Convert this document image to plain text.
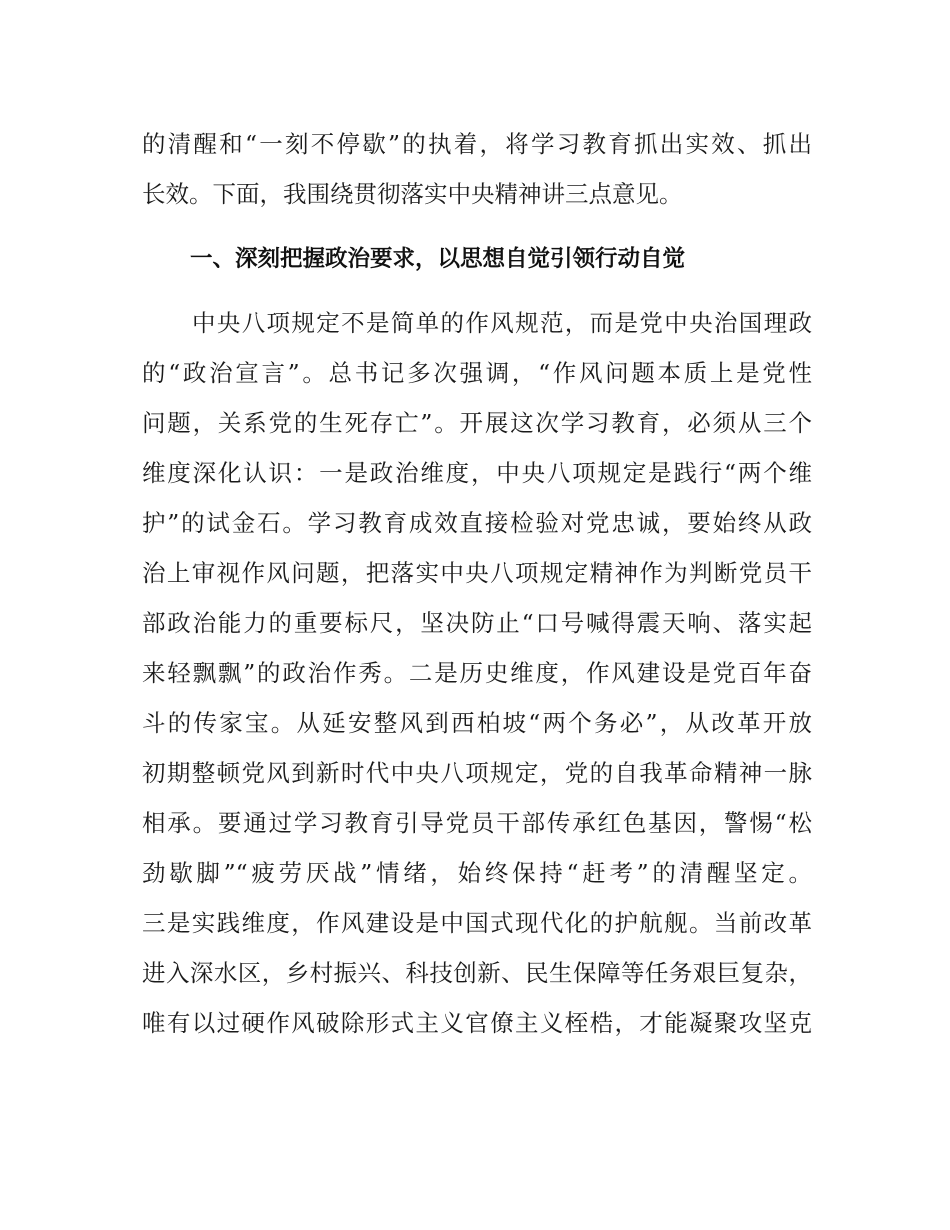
的清醒和“一刻不停歇”的执着，将学习教育抓出实效、抓出
长效。下面，我围绕贯彻落实中央精神讲三点意见。
一、深刻把握政治要求，以思想自觉引领行动自觉
中央八项规定不是简单的作风规范，而是党中央治国理政
的“政治宣言”。总书记多次强调，“作风问题本质上是党性
问题，关系党的生死存亡”。开展这次学习教育，必须从三个
维度深化认识：一是政治维度，中央八项规定是践行“两个维
护”的试金石。学习教育成效直接检验对党忠诚，要始终从政
治上审视作风问题，把落实中央八项规定精神作为判断党员干
部政治能力的重要标尺，坚决防止“口号喊得震天响、落实起
来轻飘飘”的政治作秀。二是历史维度，作风建设是党百年奋
斗的传家宝。从延安整风到西柏坡“两个务必”，从改革开放
初期整顿党风到新时代中央八项规定，党的自我革命精神一脉
相承。要通过学习教育引导党员干部传承红色基因，警惕“松
劲歇脚”“疲劳厌战”情绪，始终保持“赶考”的清醒坚定。
三是实践维度，作风建设是中国式现代化的护航舰。当前改革
进入深水区，乡村振兴、科技创新、民生保障等任务艰巨复杂，
唯有以过硬作风破除形式主义官僚主义桎梏，才能凝聚攻坚克
